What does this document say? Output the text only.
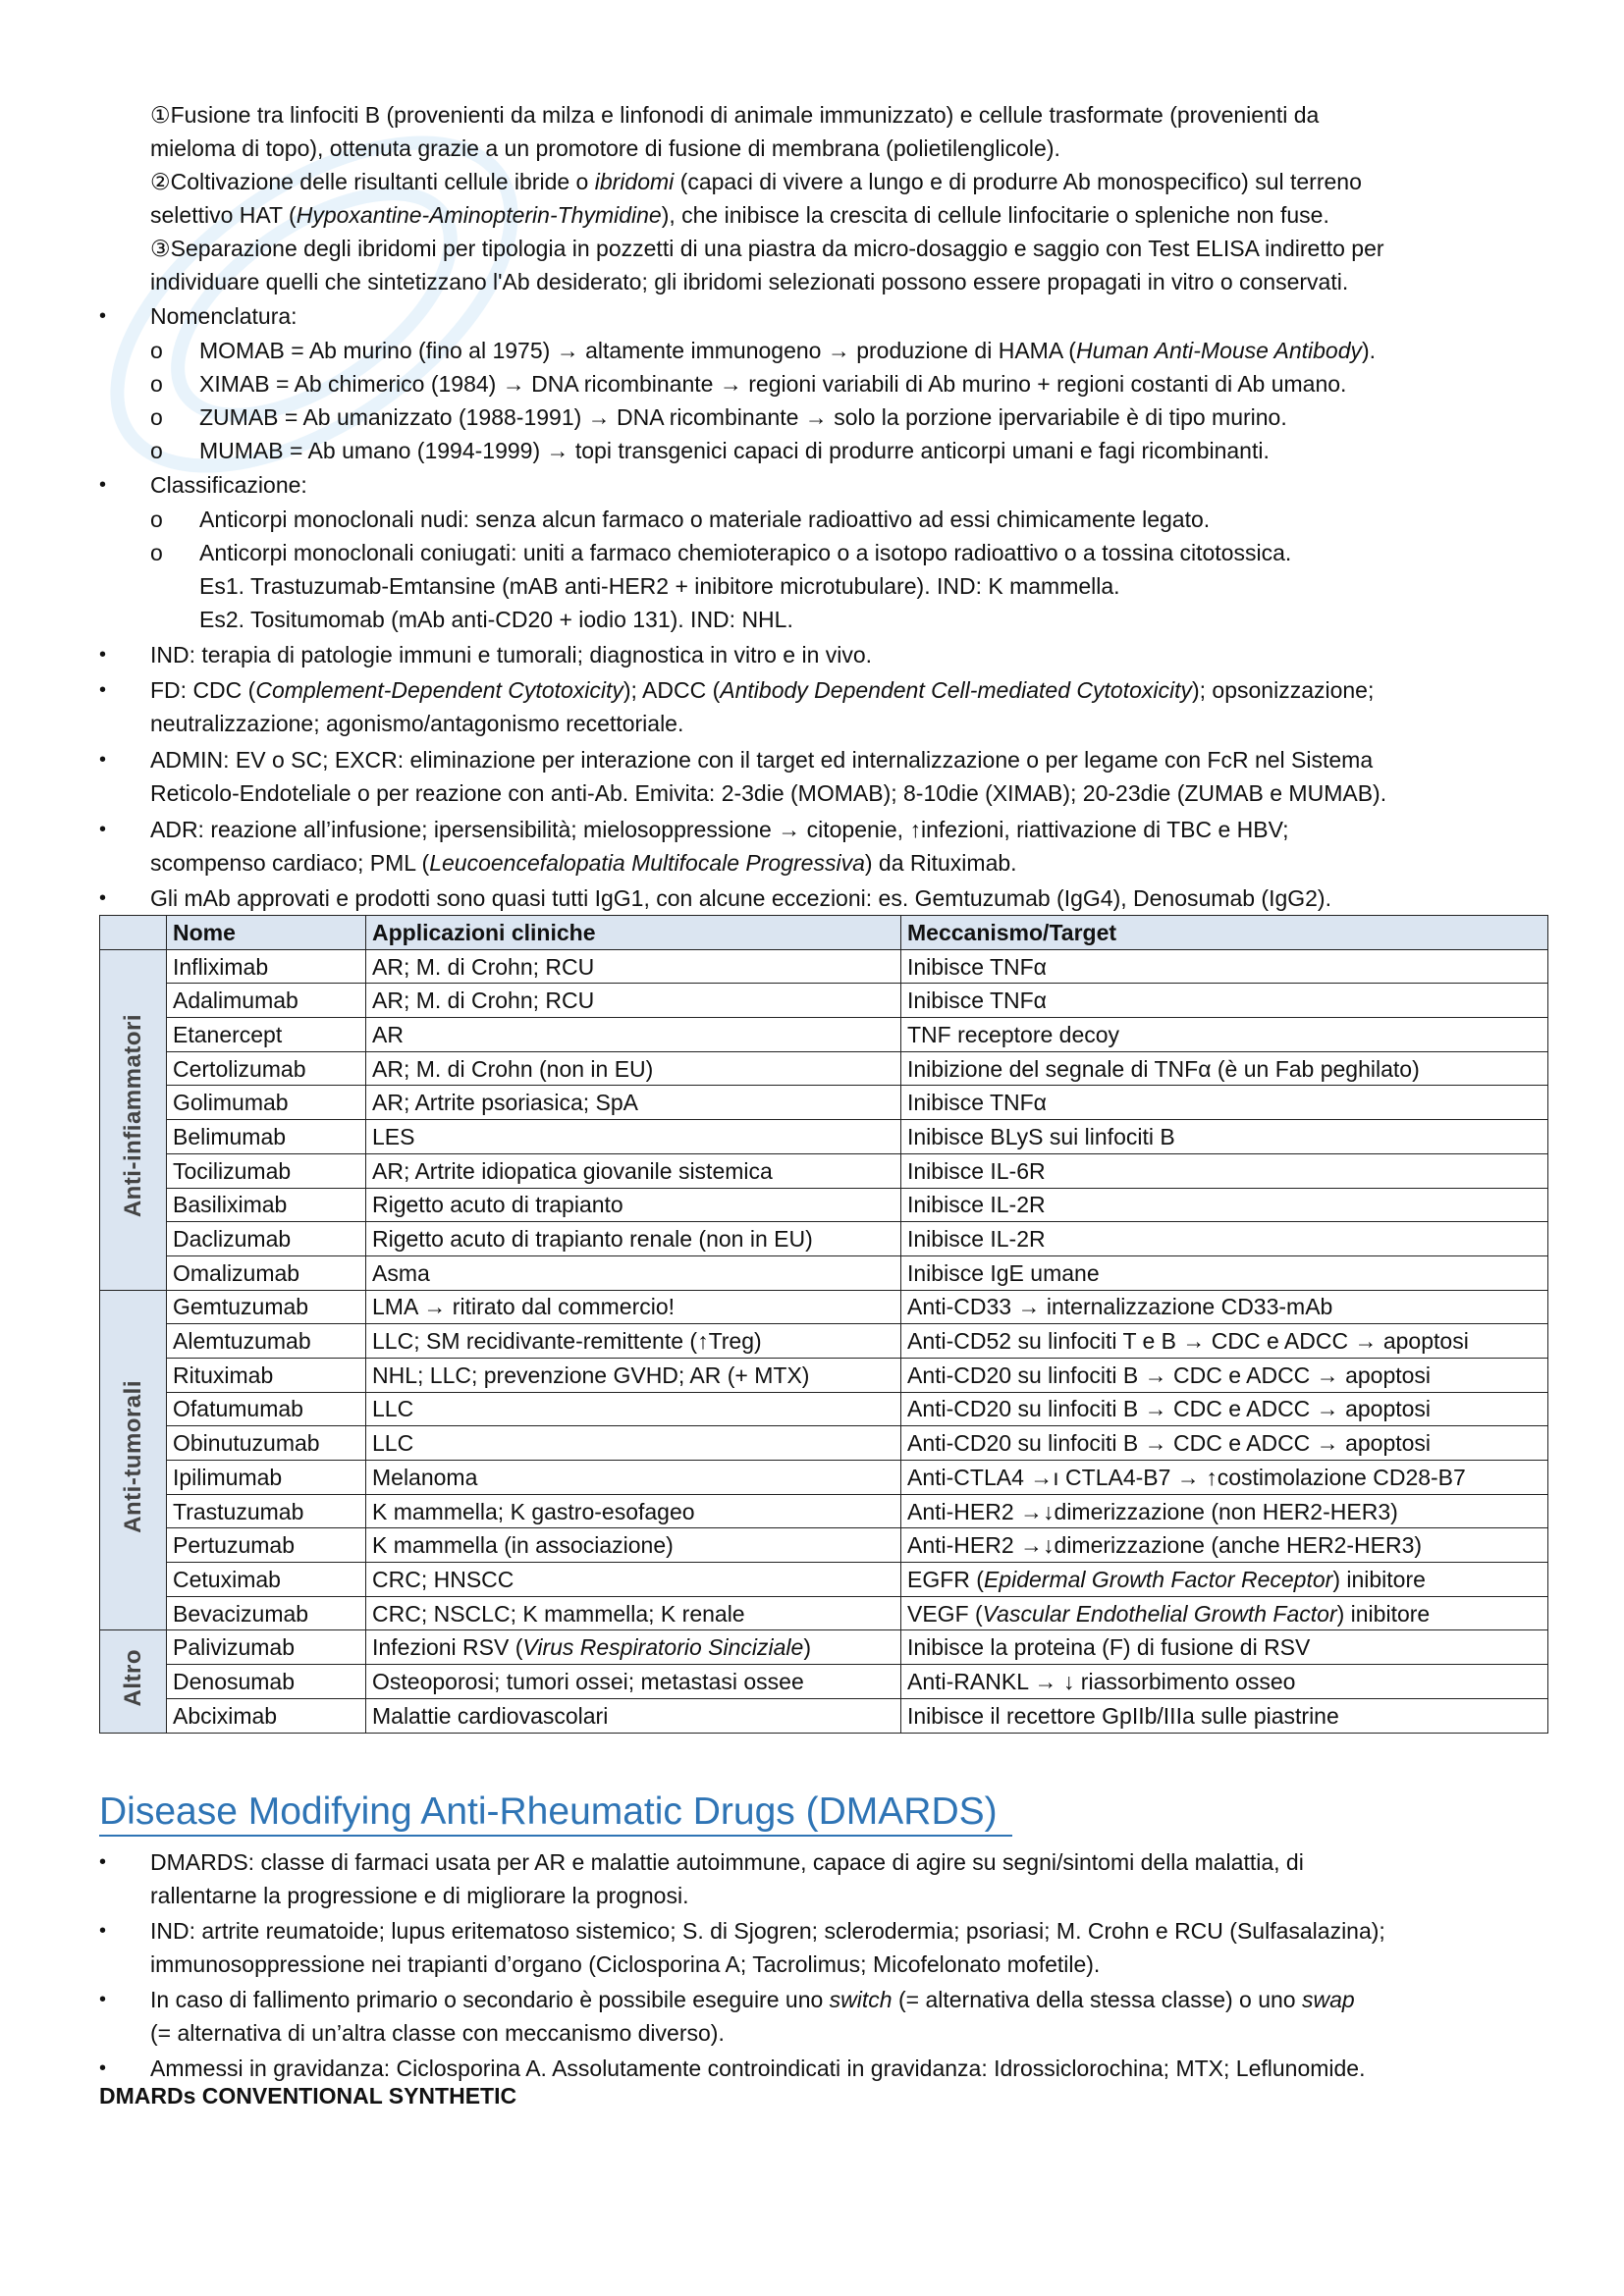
①Fusione tra linfociti B (provenienti da milza e linfonodi di animale immunizzato) e cellule trasformate (provenienti da
mieloma di topo), ottenuta grazie a un promotore di fusione di membrana (polietilenglicole).
②Coltivazione delle risultanti cellule ibride o ibridomi (capaci di vivere a lungo e di produrre Ab monospecifico) sul terreno
selettivo HAT (Hypoxantine-Aminopterin-Thymidine), che inibisce la crescita di cellule linfocitarie o spleniche non fuse.
③Separazione degli ibridomi per tipologia in pozzetti di una piastra da micro-dosaggio e saggio con Test ELISA indiretto per
individuare quelli che sintetizzano l'Ab desiderato; gli ibridomi selezionati possono essere propagati in vitro o conservati.
• Nomenclatura:
o MOMAB = Ab murino (fino al 1975) → altamente immunogeno → produzione di HAMA (Human Anti-Mouse Antibody).
o XIMAB = Ab chimerico (1984) → DNA ricombinante → regioni variabili di Ab murino + regioni costanti di Ab umano.
o ZUMAB = Ab umanizzato (1988-1991) → DNA ricombinante → solo la porzione ipervariabile è di tipo murino.
o MUMAB = Ab umano (1994-1999) → topi transgenici capaci di produrre anticorpi umani e fagi ricombinanti.
• Classificazione:
o Anticorpi monoclonali nudi: senza alcun farmaco o materiale radioattivo ad essi chimicamente legato.
o Anticorpi monoclonali coniugati: uniti a farmaco chemioterapico o a isotopo radioattivo o a tossina citotossica.
Es1. Trastuzumab-Emtansine (mAB anti-HER2 + inibitore microtubulare). IND: K mammella.
Es2. Tositumomab (mAb anti-CD20 + iodio 131). IND: NHL.
• IND: terapia di patologie immuni e tumorali; diagnostica in vitro e in vivo.
• FD: CDC (Complement-Dependent Cytotoxicity); ADCC (Antibody Dependent Cell-mediated Cytotoxicity); opsonizzazione;
neutralizzazione; agonismo/antagonismo recettoriale.
• ADMIN: EV o SC; EXCR: eliminazione per interazione con il target ed internalizzazione o per legame con FcR nel Sistema
Reticolo-Endoteliale o per reazione con anti-Ab. Emivita: 2-3die (MOMAB); 8-10die (XIMAB); 20-23die (ZUMAB e MUMAB).
• ADR: reazione all’infusione; ipersensibilità; mielosoppressione → citopenie, ↑infezioni, riattivazione di TBC e HBV;
scompenso cardiaco; PML (Leucoencefalopatia Multifocale Progressiva) da Rituximab.
• Gli mAb approvati e prodotti sono quasi tutti IgG1, con alcune eccezioni: es. Gemtuzumab (IgG4), Denosumab (IgG2).
	Nome	Applicazioni cliniche	Meccanismo/Target
Anti-infiammatori	Infliximab	AR; M. di Crohn; RCU	Inibisce TNFα
	Adalimumab	AR; M. di Crohn; RCU	Inibisce TNFα
	Etanercept	AR	TNF receptore decoy
	Certolizumab	AR; M. di Crohn (non in EU)	Inibizione del segnale di TNFα (è un Fab peghilato)
	Golimumab	AR; Artrite psoriasica; SpA	Inibisce TNFα
	Belimumab	LES	Inibisce BLyS sui linfociti B
	Tocilizumab	AR; Artrite idiopatica giovanile sistemica	Inibisce IL-6R
	Basiliximab	Rigetto acuto di trapianto	Inibisce IL-2R
	Daclizumab	Rigetto acuto di trapianto renale (non in EU)	Inibisce IL-2R
	Omalizumab	Asma	Inibisce IgE umane
Anti-tumorali	Gemtuzumab	LMA → ritirato dal commercio!	Anti-CD33 → internalizzazione CD33-mAb
	Alemtuzumab	LLC; SM recidivante-remittente (↑Treg)	Anti-CD52 su linfociti T e B → CDC e ADCC → apoptosi
	Rituximab	NHL; LLC; prevenzione GVHD; AR (+ MTX)	Anti-CD20 su linfociti B → CDC e ADCC → apoptosi
	Ofatumumab	LLC	Anti-CD20 su linfociti B → CDC e ADCC → apoptosi
	Obinutuzumab	LLC	Anti-CD20 su linfociti B → CDC e ADCC → apoptosi
	Ipilimumab	Melanoma	Anti-CTLA4 →ı CTLA4-B7 → ↑costimolazione CD28-B7
	Trastuzumab	K mammella; K gastro-esofageo	Anti-HER2 →↓dimerizzazione (non HER2-HER3)
	Pertuzumab	K mammella (in associazione)	Anti-HER2 →↓dimerizzazione (anche HER2-HER3)
	Cetuximab	CRC; HNSCC	EGFR (Epidermal Growth Factor Receptor) inibitore
	Bevacizumab	CRC; NSCLC; K mammella; K renale	VEGF (Vascular Endothelial Growth Factor) inibitore
Altro	Palivizumab	Infezioni RSV (Virus Respiratorio Sinciziale)	Inibisce la proteina (F) di fusione di RSV
	Denosumab	Osteoporosi; tumori ossei; metastasi ossee	Anti-RANKL → ↓ riassorbimento osseo
	Abciximab	Malattie cardiovascolari	Inibisce il recettore GpIIb/IIIa sulle piastrine
Disease Modifying Anti-Rheumatic Drugs (DMARDS)
• DMARDS: classe di farmaci usata per AR e malattie autoimmune, capace di agire su segni/sintomi della malattia, di
rallentarne la progressione e di migliorare la prognosi.
• IND: artrite reumatoide; lupus eritematoso sistemico; S. di Sjogren; sclerodermia; psoriasi; M. Crohn e RCU (Sulfasalazina);
immunosoppressione nei trapianti d’organo (Ciclosporina A; Tacrolimus; Micofelonato mofetile).
• In caso di fallimento primario o secondario è possibile eseguire uno switch (= alternativa della stessa classe) o uno swap
(= alternativa di un’altra classe con meccanismo diverso).
• Ammessi in gravidanza: Ciclosporina A. Assolutamente controindicati in gravidanza: Idrossiclorochina; MTX; Leflunomide.
DMARDs CONVENTIONAL SYNTHETIC
